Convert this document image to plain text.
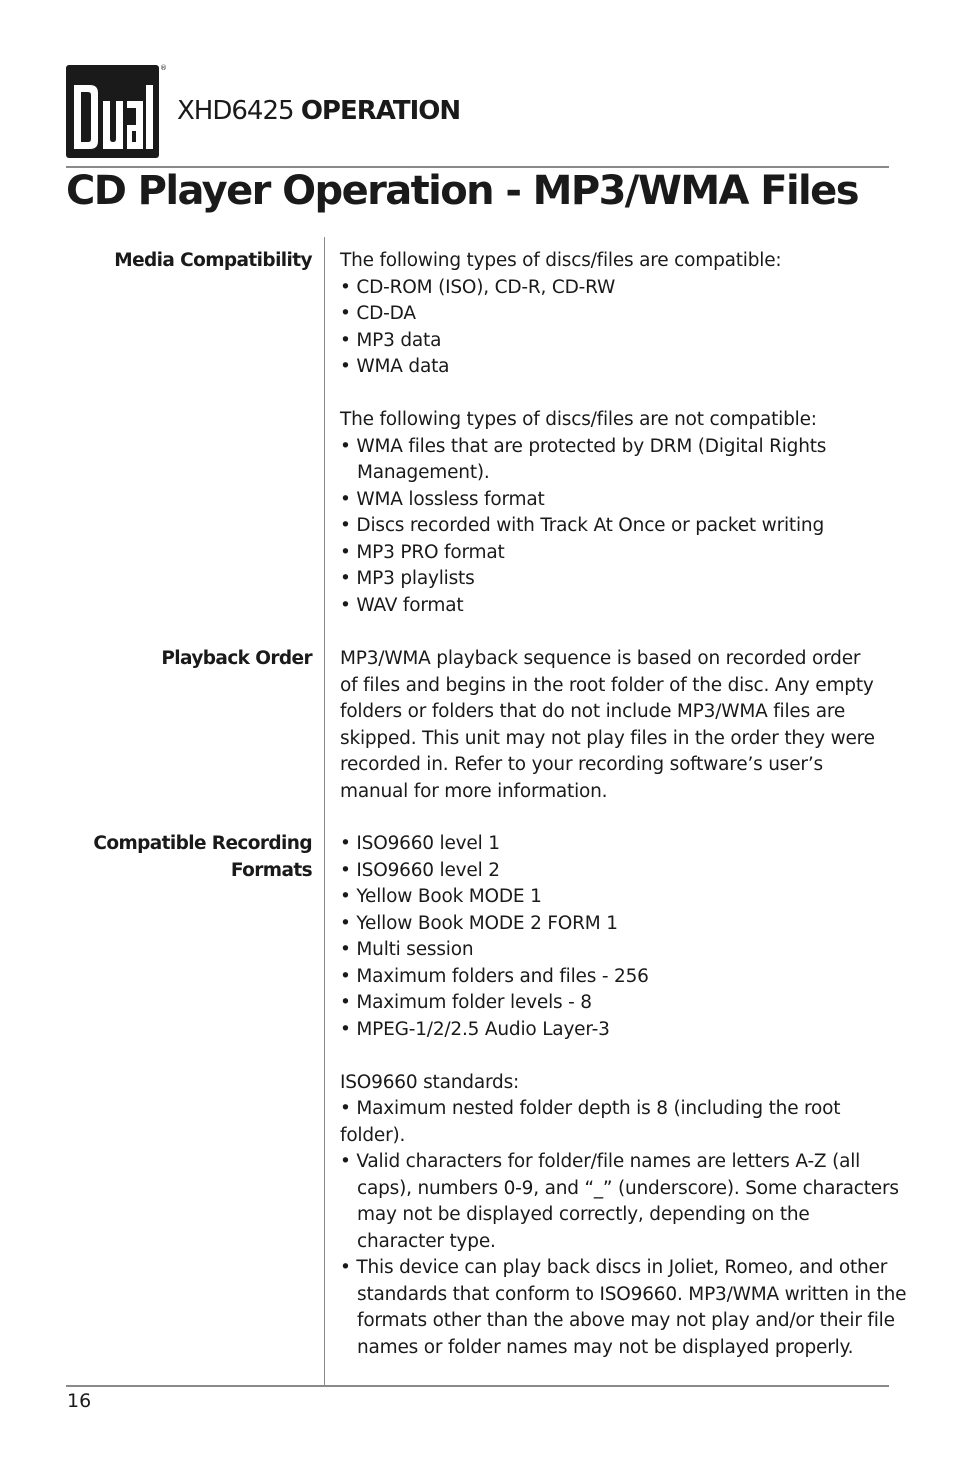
®
XHD6425 OPERATION
CD Player Operation - MP3/WMA Files
Media Compatibility The following types of discs/files are compatible:
• CD-ROM (ISO), CD-R, CD-RW
• CD-DA
• MP3 data
• WMA data
The following types of discs/files are not compatible:
• WMA files that are protected by DRM (Digital Rights Management).
• WMA lossless format
• Discs recorded with Track At Once or packet writing
• MP3 PRO format
• MP3 playlists
• WAV format
Playback Order MP3/WMA playback sequence is based on recorded order
of files and begins in the root folder of the disc. Any empty
folders or folders that do not include MP3/WMA files are
skipped. This unit may not play files in the order they were
recorded in. Refer to your recording software’s user’s
manual for more information.
Compatible Recording
Formats
• ISO9660 level 1
• ISO9660 level 2
• Yellow Book MODE 1
• Yellow Book MODE 2 FORM 1
• Multi session
• Maximum folders and files - 256
• Maximum folder levels - 8
• MPEG-1/2/2.5 Audio Layer-3
ISO9660 standards:
• Maximum nested folder depth is 8 (including the root folder).
• Valid characters for folder/file names are letters A-Z (all caps), numbers 0-9, and “_” (underscore). Some characters may not be displayed correctly, depending on the character type.
• This device can play back discs in Joliet, Romeo, and other standards that conform to ISO9660. MP3/WMA written in the formats other than the above may not play and/or their file names or folder names may not be displayed properly.
16
